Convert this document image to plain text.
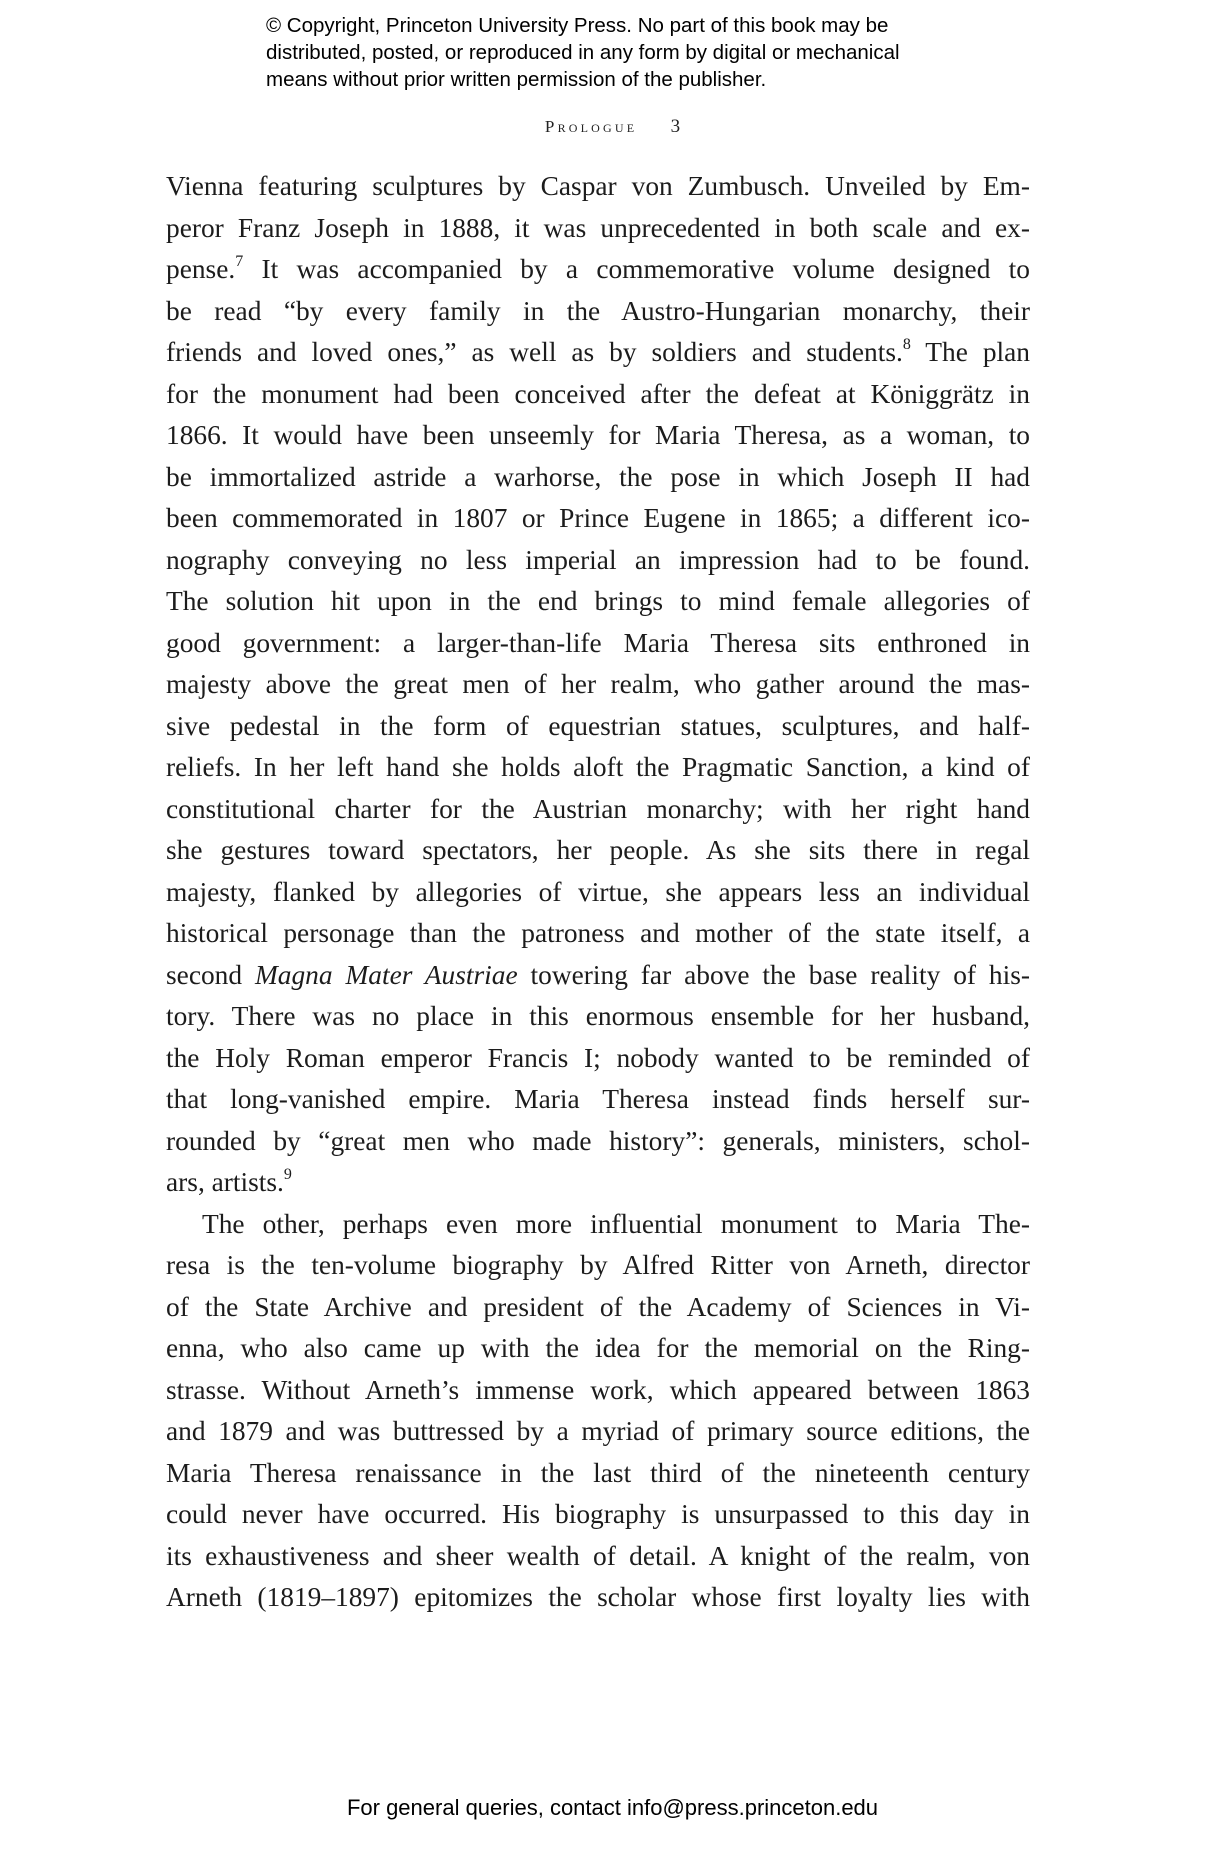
© Copyright, Princeton University Press. No part of this book may be
distributed, posted, or reproduced in any form by digital or mechanical
means without prior written permission of the publisher.
Prologue 3
Vienna featuring sculptures by Caspar von Zumbusch. Unveiled by Em-
peror Franz Joseph in 1888, it was unprecedented in both scale and ex-
pense.$^7$ It was accompanied by a commemorative volume designed to
be read “by every family in the Austro-Hungarian monarchy, their
friends and loved ones,” as well as by soldiers and students.$^8$ The plan
for the monument had been conceived after the defeat at Königgrätz in
1866. It would have been unseemly for Maria Theresa, as a woman, to
be immortalized astride a warhorse, the pose in which Joseph II had
been commemorated in 1807 or Prince Eugene in 1865; a different ico-
nography conveying no less imperial an impression had to be found.
The solution hit upon in the end brings to mind female allegories of
good government: a larger-than-life Maria Theresa sits enthroned in
majesty above the great men of her realm, who gather around the mas-
sive pedestal in the form of equestrian statues, sculptures, and half-
reliefs. In her left hand she holds aloft the Pragmatic Sanction, a kind of
constitutional charter for the Austrian monarchy; with her right hand
she gestures toward spectators, her people. As she sits there in regal
majesty, flanked by allegories of virtue, she appears less an individual
historical personage than the patroness and mother of the state itself, a
second Magna Mater Austriae towering far above the base reality of his-
tory. There was no place in this enormous ensemble for her husband,
the Holy Roman emperor Francis I; nobody wanted to be reminded of
that long-vanished empire. Maria Theresa instead finds herself sur-
rounded by “great men who made history”: generals, ministers, schol-
ars, artists.$^9$
The other, perhaps even more influential monument to Maria The-
resa is the ten-volume biography by Alfred Ritter von Arneth, director
of the State Archive and president of the Academy of Sciences in Vi-
enna, who also came up with the idea for the memorial on the Ring-
strasse. Without Arneth’s immense work, which appeared between 1863
and 1879 and was buttressed by a myriad of primary source editions, the
Maria Theresa renaissance in the last third of the nineteenth century
could never have occurred. His biography is unsurpassed to this day in
its exhaustiveness and sheer wealth of detail. A knight of the realm, von
Arneth (1819–1897) epitomizes the scholar whose first loyalty lies with
For general queries, contact info@press.princeton.edu
